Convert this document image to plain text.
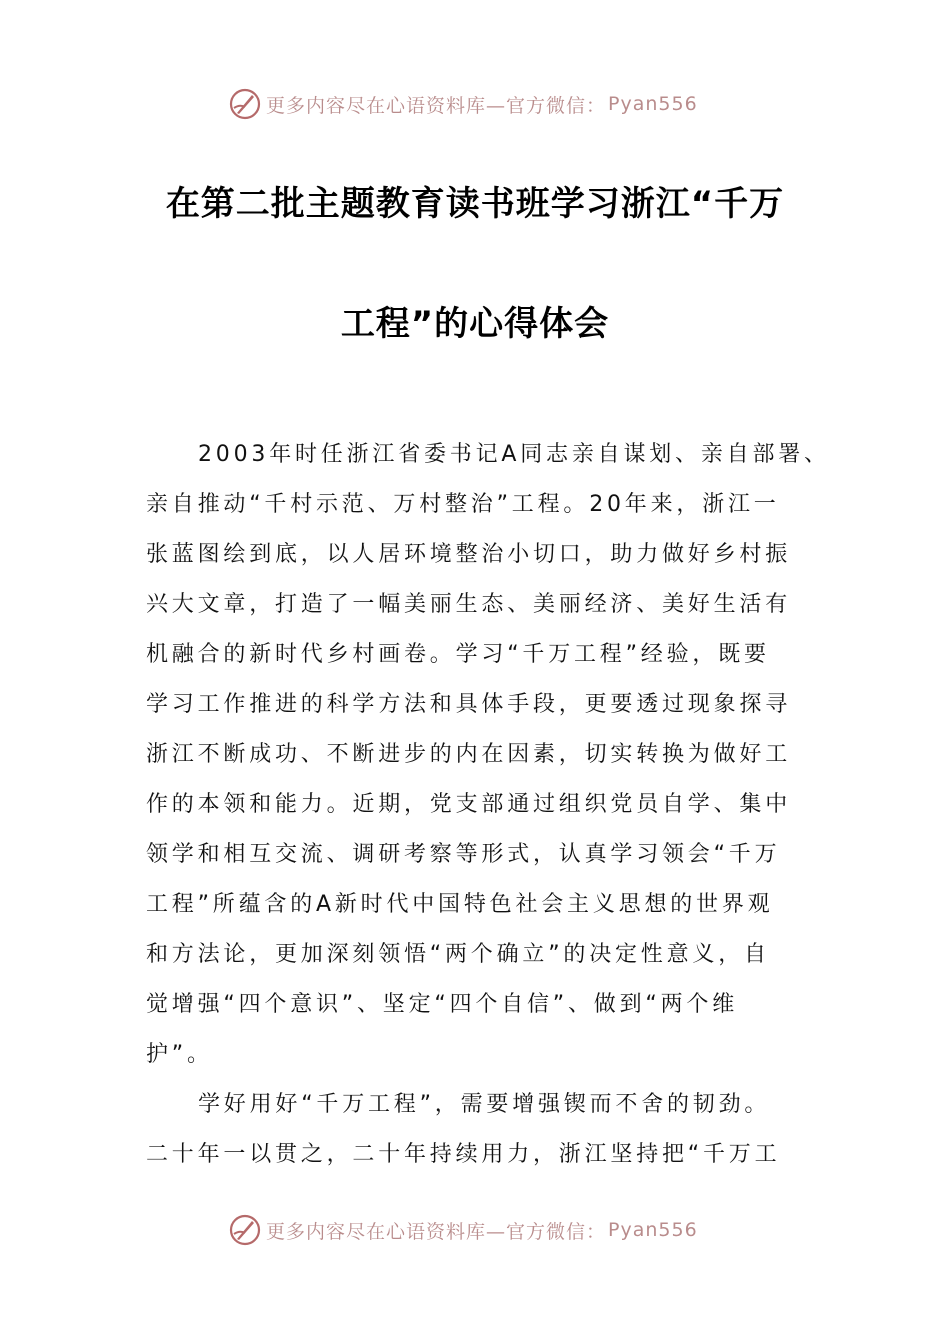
更多内容尽在心语资料库—官方微信： Pyan556
在第二批主题教育读书班学习浙江“千万
工程”的心得体会

2003年时任浙江省委书记A同志亲自谋划、亲自部署、
亲自推动“千村示范、万村整治”工程。20年来，浙江一
张蓝图绘到底，以人居环境整治小切口，助力做好乡村振
兴大文章，打造了一幅美丽生态、美丽经济、美好生活有
机融合的新时代乡村画卷。学习“千万工程”经验，既要
学习工作推进的科学方法和具体手段，更要透过现象探寻
浙江不断成功、不断进步的内在因素，切实转换为做好工
作的本领和能力。近期，党支部通过组织党员自学、集中
领学和相互交流、调研考察等形式，认真学习领会“千万
工程”所蕴含的A新时代中国特色社会主义思想的世界观
和方法论，更加深刻领悟“两个确立”的决定性意义，自
觉增强“四个意识”、坚定“四个自信”、做到“两个维
护”。

学好用好“千万工程”，需要增强锲而不舍的韧劲。
二十年一以贯之，二十年持续用力，浙江坚持把“千万工

更多内容尽在心语资料库—官方微信： Pyan556
